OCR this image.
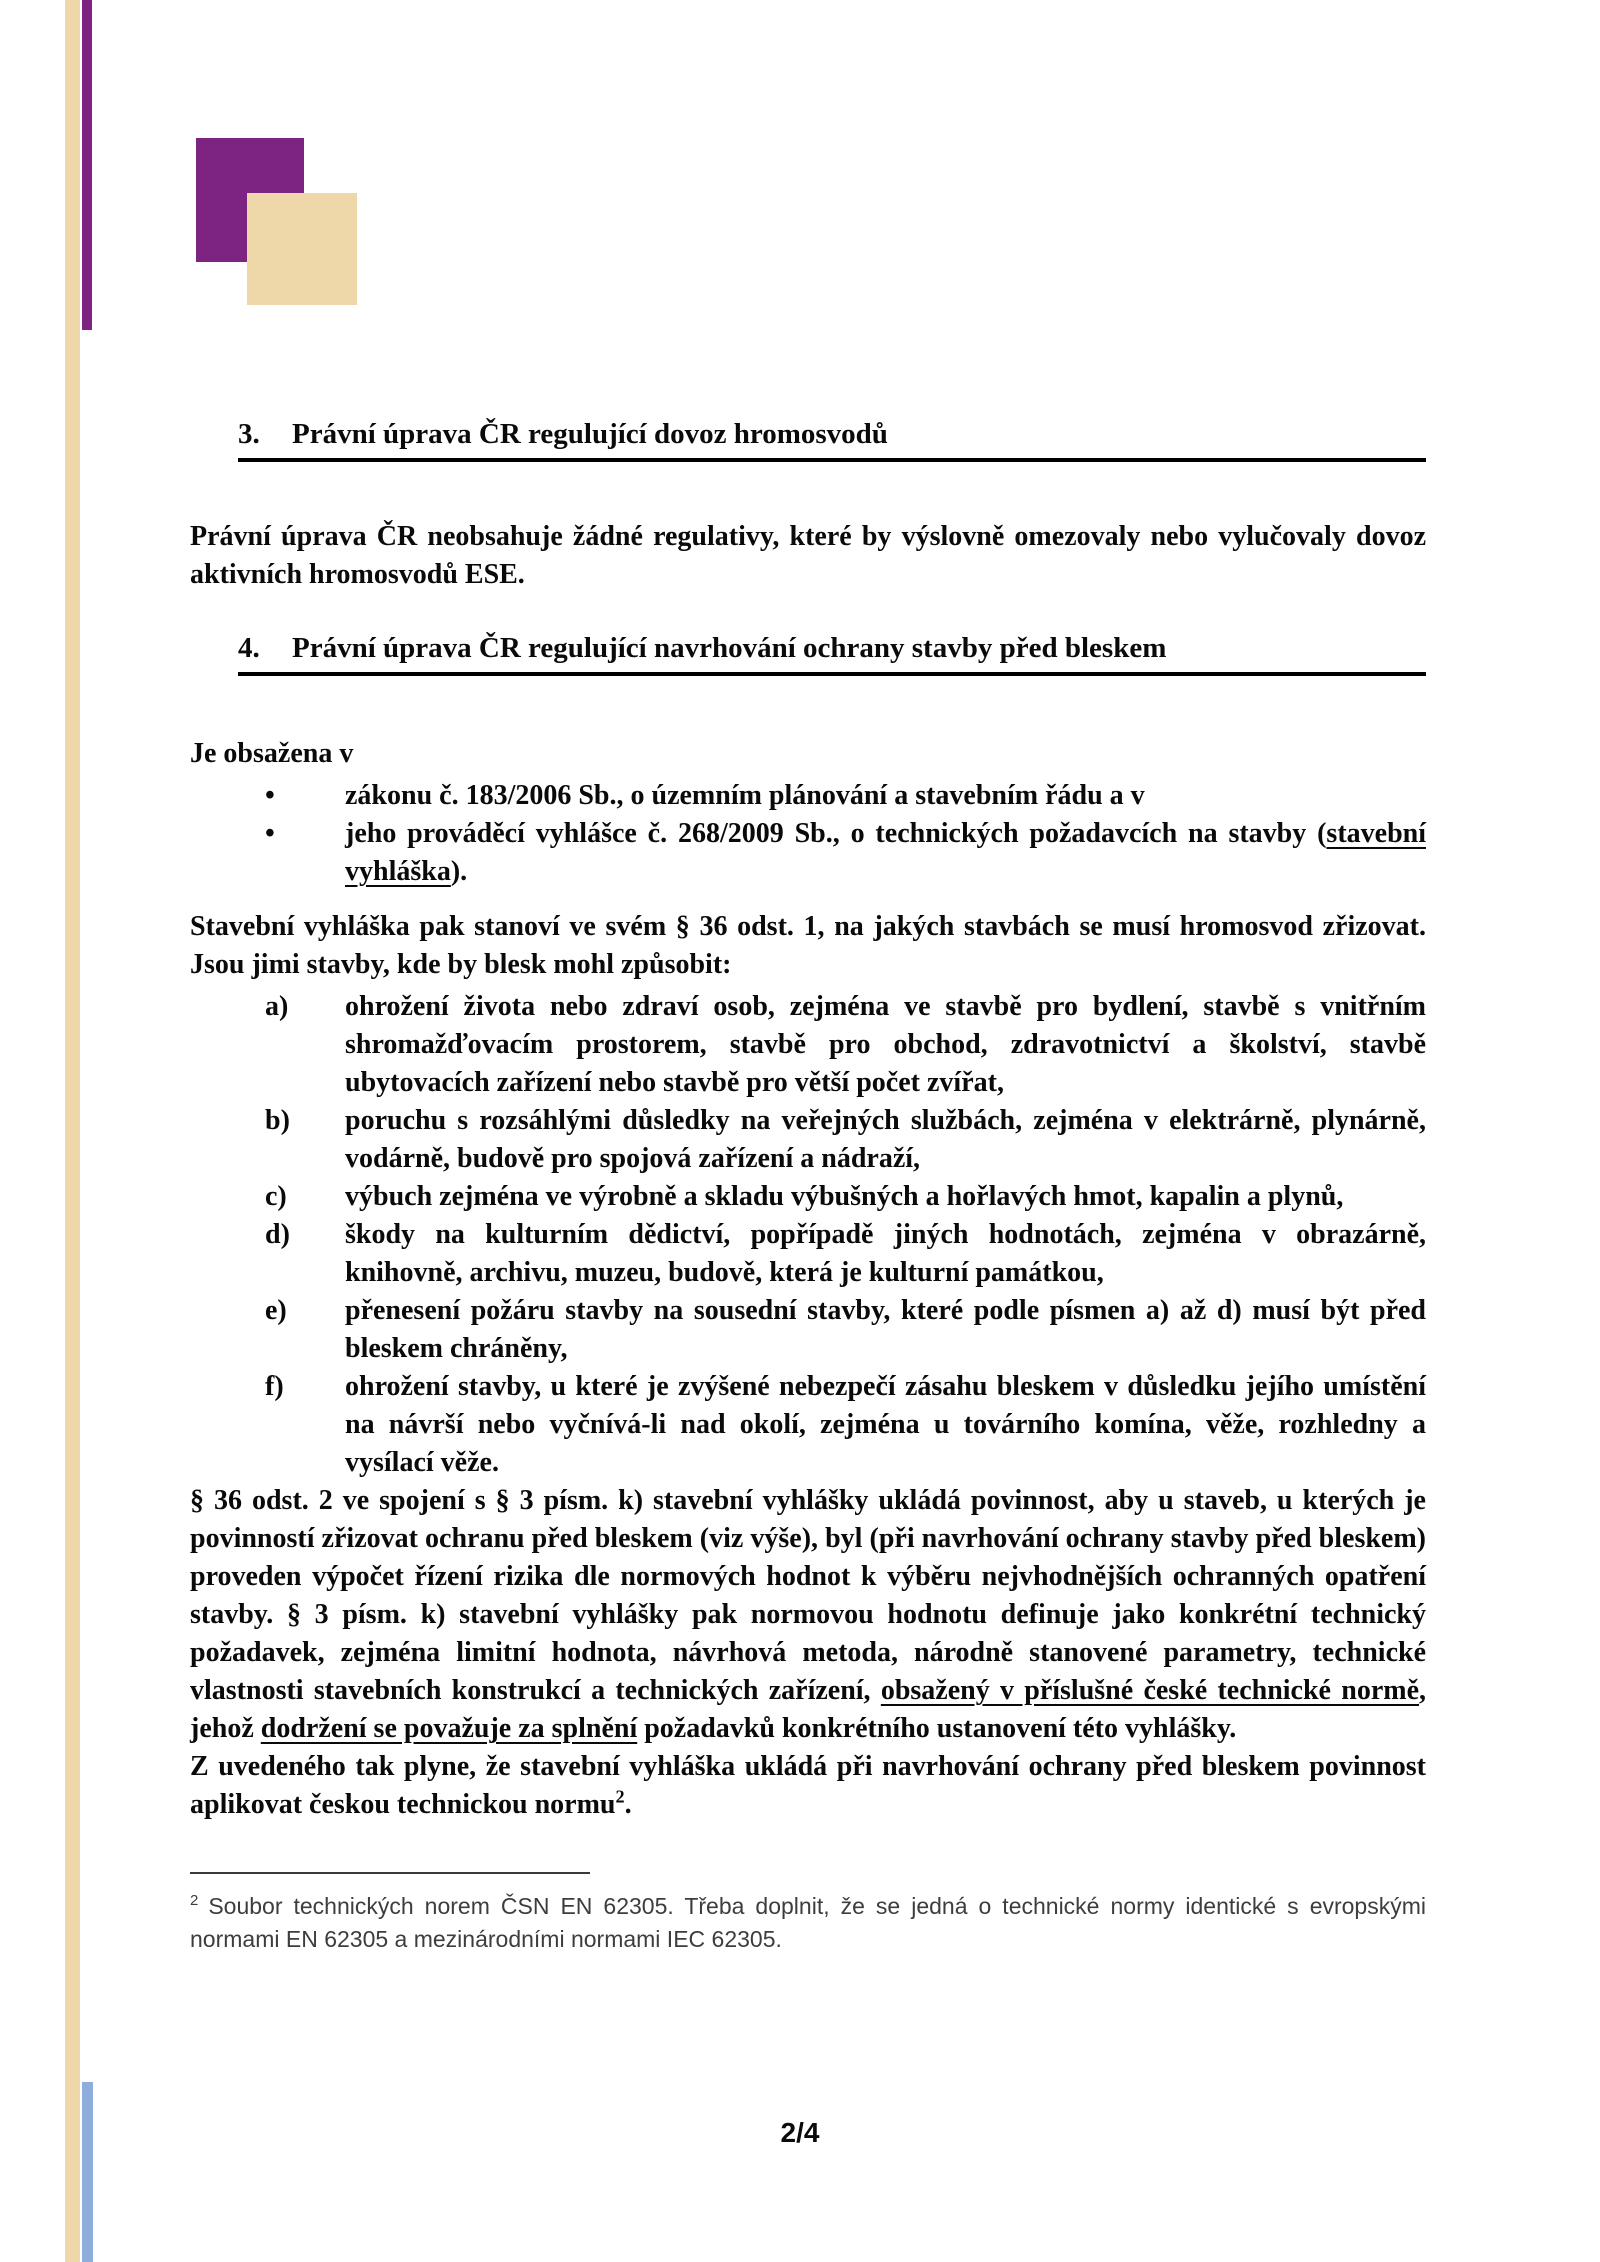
3. Právní úprava ČR regulující dovoz hromosvodů

Právní úprava ČR neobsahuje žádné regulativy, které by výslovně omezovaly nebo vylučovaly dovoz aktivních hromosvodů ESE.

4. Právní úprava ČR regulující navrhování ochrany stavby před bleskem

Je obsažena v

•	zákonu č. 183/2006 Sb., o územním plánování a stavebním řádu a v
•	jeho prováděcí vyhlášce č. 268/2009 Sb., o technických požadavcích na stavby (stavební vyhláška).

Stavební vyhláška pak stanoví ve svém § 36 odst. 1, na jakých stavbách se musí hromosvod zřizovat. Jsou jimi stavby, kde by blesk mohl způsobit:

a)	ohrožení života nebo zdraví osob, zejména ve stavbě pro bydlení, stavbě s vnitřním shromažďovacím prostorem, stavbě pro obchod, zdravotnictví a školství, stavbě ubytovacích zařízení nebo stavbě pro větší počet zvířat,
b)	poruchu s rozsáhlými důsledky na veřejných službách, zejména v elektrárně, plynárně, vodárně, budově pro spojová zařízení a nádraží,
c)	výbuch zejména ve výrobně a skladu výbušných a hořlavých hmot, kapalin a plynů,
d)	škody na kulturním dědictví, popřípadě jiných hodnotách, zejména v obrazárně, knihovně, archivu, muzeu, budově, která je kulturní památkou,
e)	přenesení požáru stavby na sousední stavby, které podle písmen a) až d) musí být před bleskem chráněny,
f)	ohrožení stavby, u které je zvýšené nebezpečí zásahu bleskem v důsledku jejího umístění na návrší nebo vyčnívá-li nad okolí, zejména u továrního komína, věže, rozhledny a vysílací věže.

§ 36 odst. 2 ve spojení s § 3 písm. k) stavební vyhlášky ukládá povinnost, aby u staveb, u kterých je povinností zřizovat ochranu před bleskem (viz výše), byl (při navrhování ochrany stavby před bleskem) proveden výpočet řízení rizika dle normových hodnot k výběru nejvhodnějších ochranných opatření stavby. § 3 písm. k) stavební vyhlášky pak normovou hodnotu definuje jako konkrétní technický požadavek, zejména limitní hodnota, návrhová metoda, národně stanovené parametry, technické vlastnosti stavebních konstrukcí a technických zařízení, obsažený v příslušné české technické normě, jehož dodržení se považuje za splnění požadavků konkrétního ustanovení této vyhlášky.

Z uvedeného tak plyne, že stavební vyhláška ukládá při navrhování ochrany před bleskem povinnost aplikovat českou technickou normu$^2$.

$^2$ Soubor technických norem ČSN EN 62305. Třeba doplnit, že se jedná o technické normy identické s evropskými normami EN 62305 a mezinárodními normami IEC 62305.

2/4
